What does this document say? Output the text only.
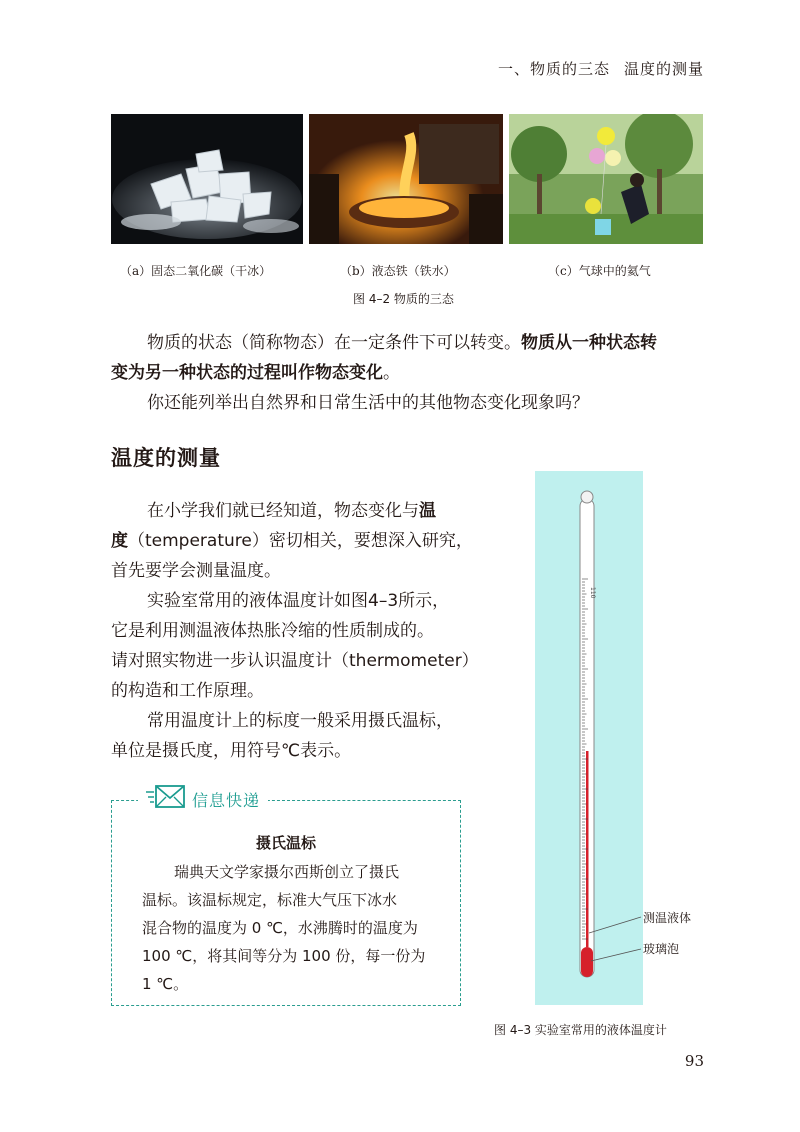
一、物质的三态 温度的测量
（a）固态二氧化碳（干冰）	（b）液态铁（铁水）	（c）气球中的氦气
图 4–2 物质的三态
物质的状态（简称物态）在一定条件下可以转变。物质从一种状态转
变为另一种状态的过程叫作物态变化。
你还能列举出自然界和日常生活中的其他物态变化现象吗？
温度的测量
在小学我们就已经知道，物态变化与温
度（temperature）密切相关，要想深入研究，
首先要学会测量温度。
实验室常用的液体温度计如图4–3所示，
它是利用测温液体热胀冷缩的性质制成的。
请对照实物进一步认识温度计（thermometer）
的构造和工作原理。
常用温度计上的标度一般采用摄氏温标，
单位是摄氏度，用符号℃表示。
信息快递
摄氏温标
瑞典天文学家摄尔西斯创立了摄氏
温标。该温标规定，标准大气压下冰水
混合物的温度为 0 ℃，水沸腾时的温度为
100 ℃，将其间等分为 100 份，每一份为
1 ℃。
110
测温液体
玻璃泡
图 4–3 实验室常用的液体温度计
93
